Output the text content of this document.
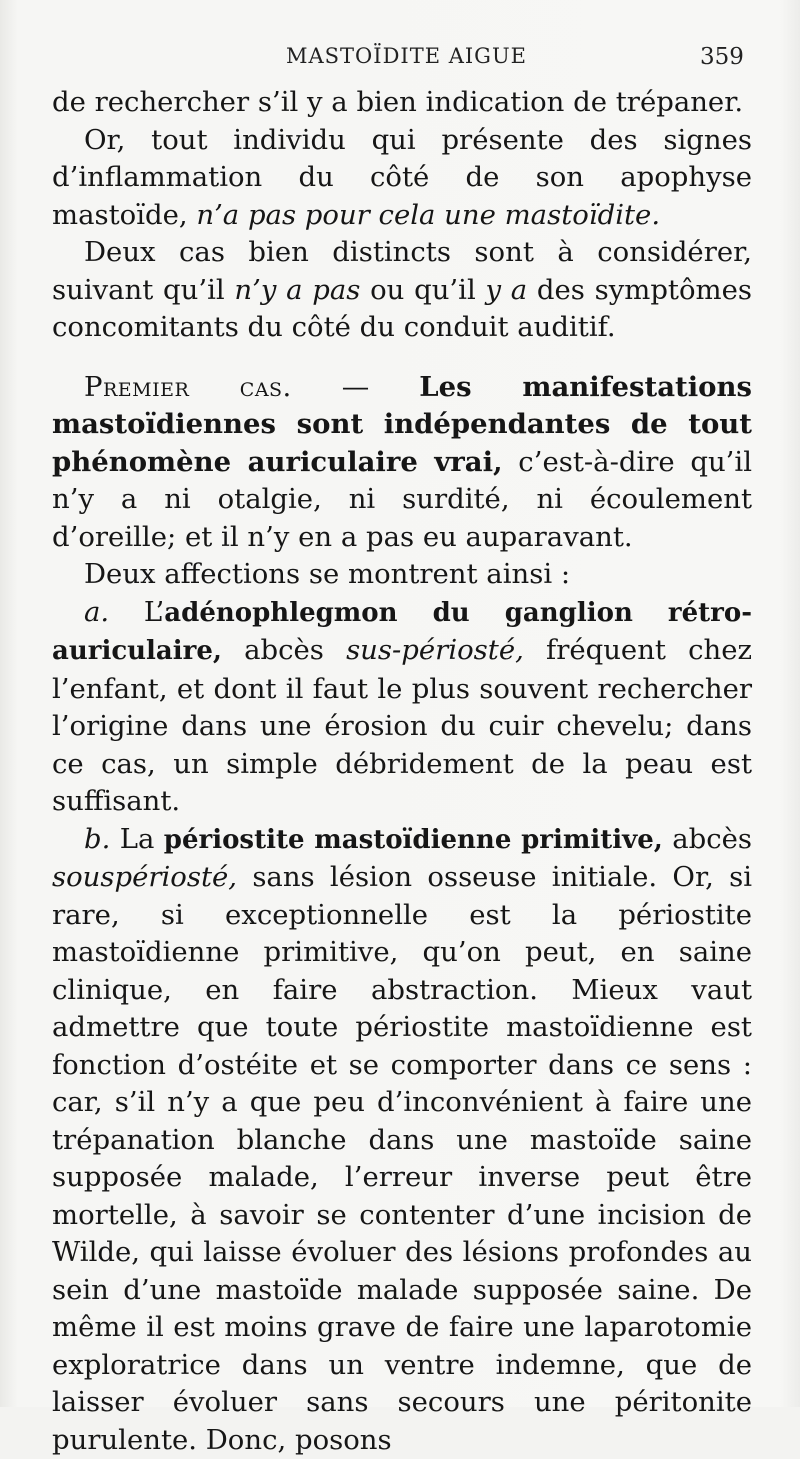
MASTOÏDITE AIGUE	359

de rechercher s’il y a bien indication de trépaner.

Or, tout individu qui présente des signes d’inflammation du côté de son apophyse mastoïde, n’a pas pour cela une mastoïdite.

Deux cas bien distincts sont à considérer, suivant qu’il n’y a pas ou qu’il y a des symptômes concomitants du côté du conduit auditif.

Premier cas. — Les manifestations mastoïdiennes sont indépendantes de tout phénomène auriculaire vrai, c’est-à-dire qu’il n’y a ni otalgie, ni surdité, ni écoulement d’oreille; et il n’y en a pas eu auparavant.

Deux affections se montrent ainsi :

a. L’adénophlegmon du ganglion rétro-auriculaire, abcès sus-périosté, fréquent chez l’enfant, et dont il faut le plus souvent rechercher l’origine dans une érosion du cuir chevelu; dans ce cas, un simple débridement de la peau est suffisant.

b. La périostite mastoïdienne primitive, abcès souspériosté, sans lésion osseuse initiale. Or, si rare, si exceptionnelle est la périostite mastoïdienne primitive, qu’on peut, en saine clinique, en faire abstraction. Mieux vaut admettre que toute périostite mastoïdienne est fonction d’ostéite et se comporter dans ce sens : car, s’il n’y a que peu d’inconvénient à faire une trépanation blanche dans une mastoïde saine supposée malade, l’erreur inverse peut être mortelle, à savoir se contenter d’une incision de Wilde, qui laisse évoluer des lésions profondes au sein d’une mastoïde malade supposée saine. De même il est moins grave de faire une laparotomie exploratrice dans un ventre indemne, que de laisser évoluer sans secours une péritonite purulente. Donc, posons
